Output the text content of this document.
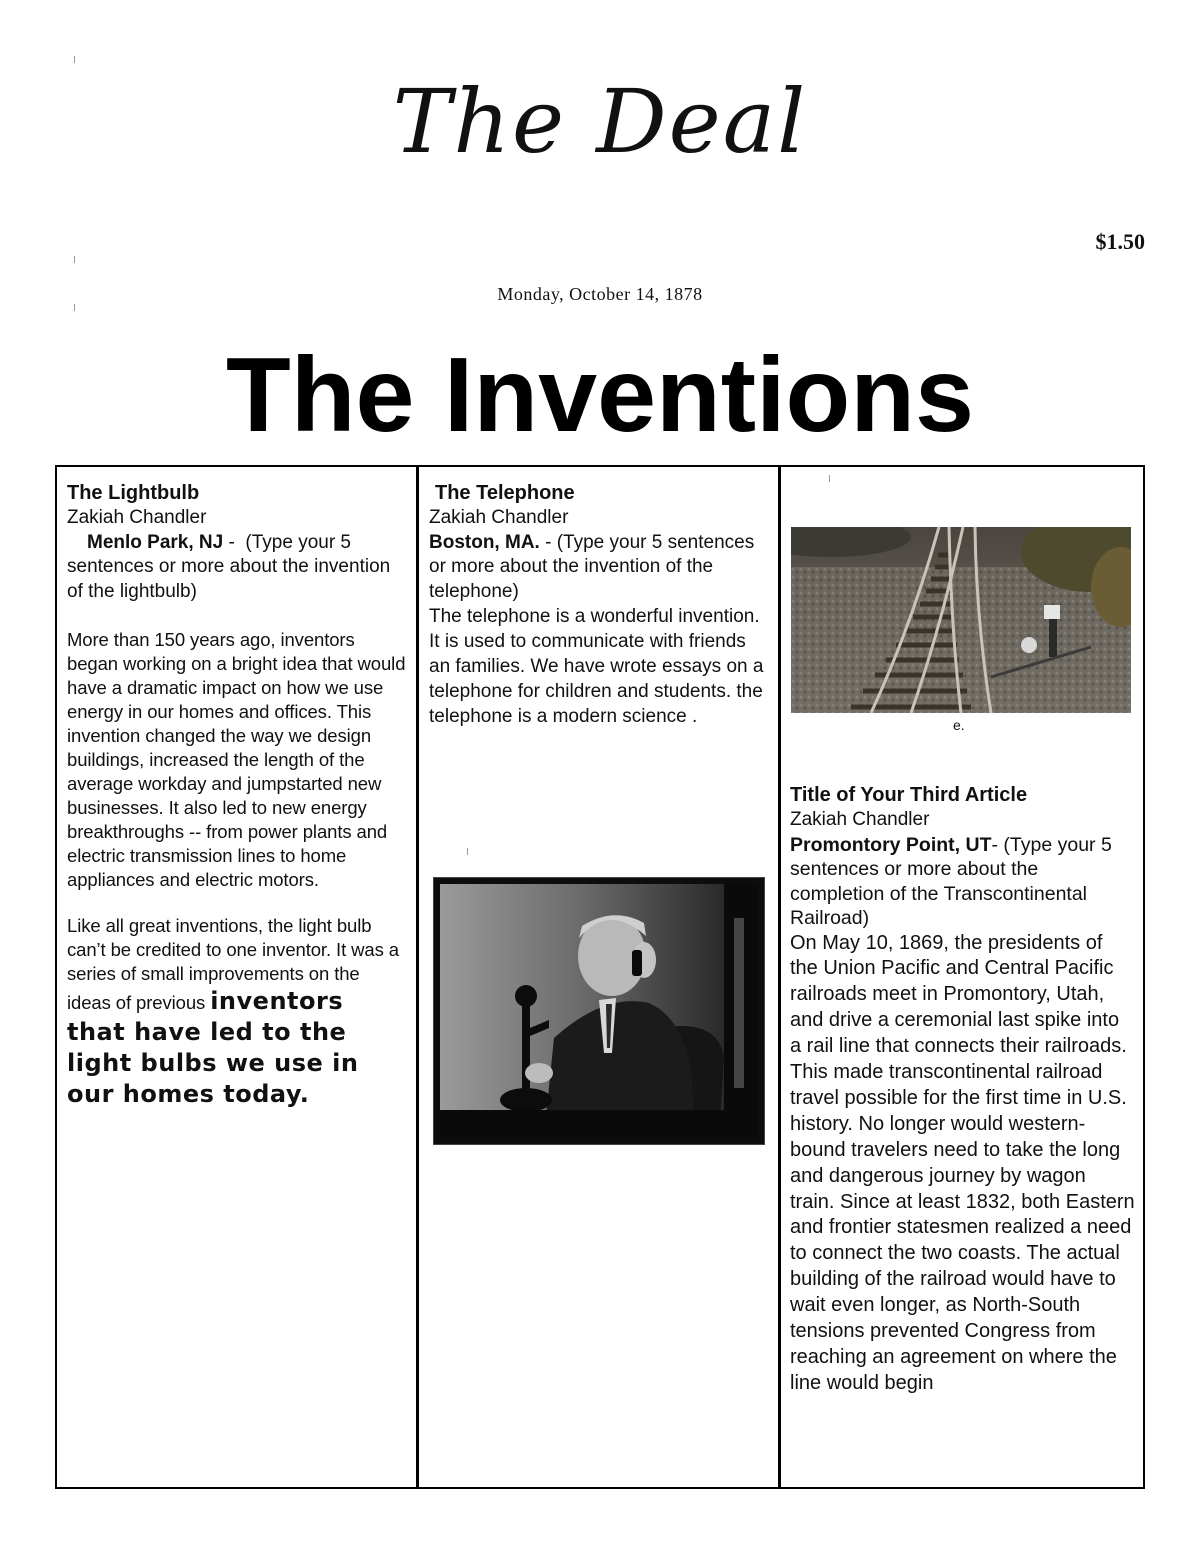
The Deal
$1.50
Monday, October 14, 1878
The Inventions
The Lightbulb
Zakiah Chandler
Menlo Park, NJ -  (Type your 5 sentences or more about the invention of the lightbulb)

More than 150 years ago, inventors began working on a bright idea that would have a dramatic impact on how we use energy in our homes and offices. This invention changed the way we design buildings, increased the length of the average workday and jumpstarted new businesses. It also led to new energy breakthroughs -- from power plants and electric transmission lines to home appliances and electric motors.

Like all great inventions, the light bulb can’t be credited to one inventor. It was a series of small improvements on the ideas of previous inventors that have led to the light bulbs we use in our homes today.

The Telephone
Zakiah Chandler
Boston, MA. - (Type your 5 sentences or more about the invention of the telephone)

The telephone is a wonderful invention. It is used to communicate with friends an families. We have wrote essays on a telephone for children and students. the telephone is a modern science .	e.
Title of Your Third Article
Zakiah Chandler
Promontory Point, UT- (Type your 5 sentences or more about the completion of the Transcontinental Railroad)

On May 10, 1869, the presidents of the Union Pacific and Central Pacific railroads meet in Promontory, Utah, and drive a ceremonial last spike into a rail line that connects their railroads. This made transcontinental railroad travel possible for the first time in U.S. history. No longer would western-bound travelers need to take the long and dangerous journey by wagon train. Since at least 1832, both Eastern and frontier statesmen realized a need to connect the two coasts. The actual building of the railroad would have to wait even longer, as North-South tensions prevented Congress from reaching an agreement on where the line would begin
